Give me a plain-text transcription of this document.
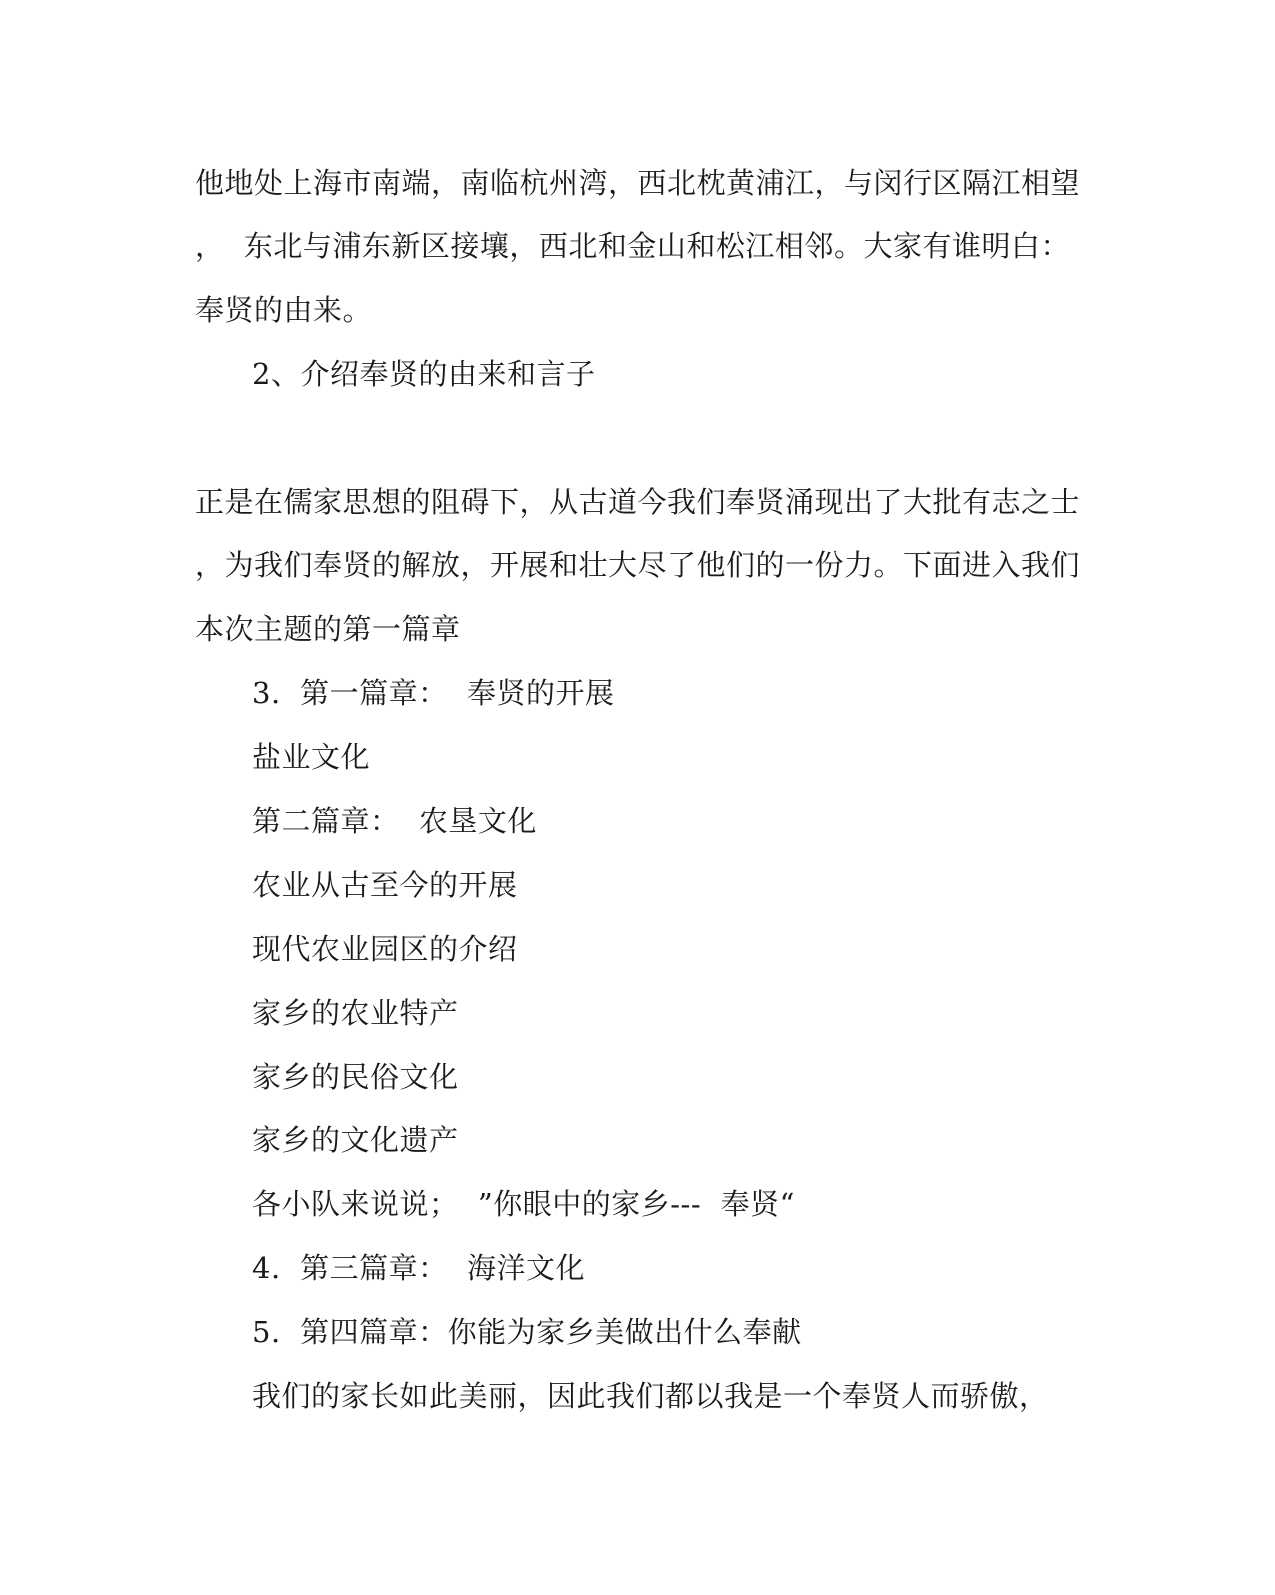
他地处上海市南端，南临杭州湾，西北枕黄浦江，与闵行区隔江相望
，  东北与浦东新区接壤，西北和金山和松江相邻。大家有谁明白：
奉贤的由来。
2、介绍奉贤的由来和言子
正是在儒家思想的阻碍下，从古道今我们奉贤涌现出了大批有志之士
，为我们奉贤的解放，开展和壮大尽了他们的一份力。下面进入我们
本次主题的第一篇章
3.  第一篇章：  奉贤的开展
盐业文化
第二篇章：  农垦文化
农业从古至今的开展
现代农业园区的介绍
家乡的农业特产
家乡的民俗文化
家乡的文化遗产
各小队来说说；  ”你眼中的家乡---  奉贤“
4.  第三篇章：  海洋文化
5.  第四篇章：你能为家乡美做出什么奉献
我们的家长如此美丽，因此我们都以我是一个奉贤人而骄傲，
